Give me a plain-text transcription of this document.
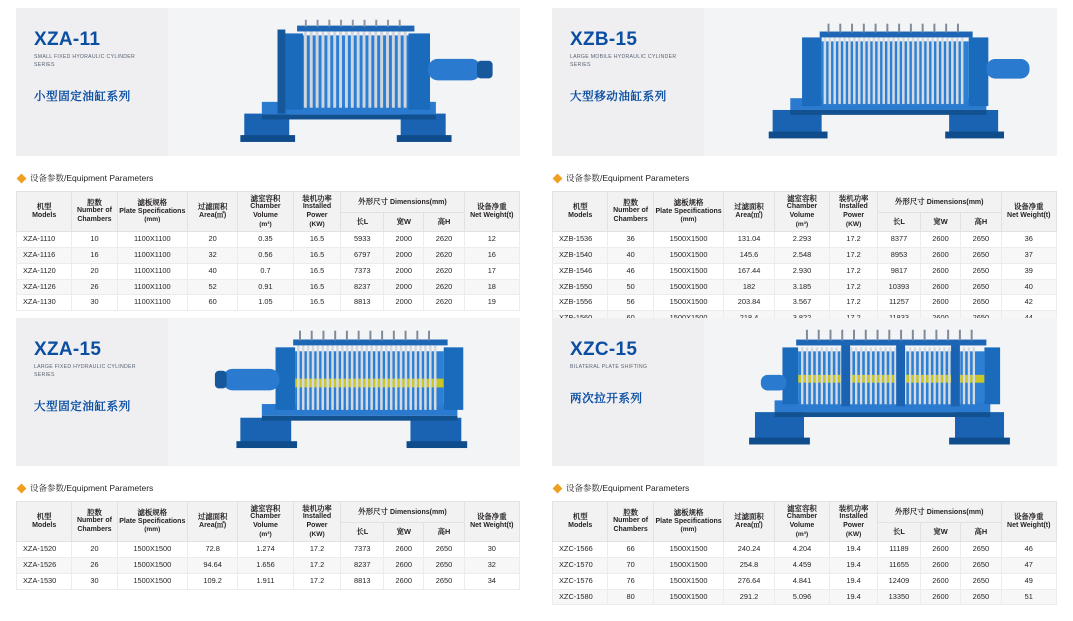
XZA-11
SMALL FIXED HYDRAULIC CYLINDER SERIES
小型固定油缸系列
设备参数/Equipment Parameters
机型
Models	腔数
Number of Chambers	滤板规格
Plate Specifications
(mm)	过滤面积
Area(㎡)	滤室容积
Chamber Volume
(m³)	装机功率
Installed Power
(KW)	外形尺寸 Dimensions(mm)			设备净重
Net Weight(t)

						长L	宽W	高H	
XZA-1110	10	1100X1100	20	0.35	16.5	5933	2000	2620	12
XZA-1116	16	1100X1100	32	0.56	16.5	6797	2000	2620	16
XZA-1120	20	1100X1100	40	0.7	16.5	7373	2000	2620	17
XZA-1126	26	1100X1100	52	0.91	16.5	8237	2000	2620	18
XZA-1130	30	1100X1100	60	1.05	16.5	8813	2000	2620	19
XZB-15
LARGE MOBILE HYDRAULIC CYLINDER SERIES
大型移动油缸系列
设备参数/Equipment Parameters
机型
Models	腔数
Number of Chambers	滤板规格
Plate Specifications
(mm)	过滤面积
Area(㎡)	滤室容积
Chamber Volume
(m³)	装机功率
Installed Power
(KW)	外形尺寸 Dimensions(mm)			设备净重
Net Weight(t)

						长L	宽W	高H	
XZB-1536	36	1500X1500	131.04	2.293	17.2	8377	2600	2650	36
XZB-1540	40	1500X1500	145.6	2.548	17.2	8953	2600	2650	37
XZB-1546	46	1500X1500	167.44	2.930	17.2	9817	2600	2650	39
XZB-1550	50	1500X1500	182	3.185	17.2	10393	2600	2650	40
XZB-1556	56	1500X1500	203.84	3.567	17.2	11257	2600	2650	42

XZA-15
LARGE FIXED HYDRAULIC CYLINDER SERIES
大型固定油缸系列
设备参数/Equipment Parameters
机型
Models	腔数
Number of Chambers	滤板规格
Plate Specifications
(mm)	过滤面积
Area(㎡)	滤室容积
Chamber Volume
(m³)	装机功率
Installed Power
(KW)	外形尺寸 Dimensions(mm)			设备净重
Net Weight(t)

						长L	宽W	高H	
XZA-1520	20	1500X1500	72.8	1.274	17.2	7373	2600	2650	30
XZA-1526	26	1500X1500	94.64	1.656	17.2	8237	2600	2650	32
XZA-1530	30	1500X1500	109.2	1.911	17.2	8813	2600	2650	34
XZC-15
BILATERAL PLATE SHIFTING
两次拉开系列
设备参数/Equipment Parameters
机型
Models	腔数
Number of Chambers	滤板规格
Plate Specifications
(mm)	过滤面积
Area(㎡)	滤室容积
Chamber Volume
(m³)	装机功率
Installed Power
(KW)	外形尺寸 Dimensions(mm)			设备净重
Net Weight(t)

						长L	宽W	高H	
XZC-1566	66	1500X1500	240.24	4.204	19.4	11189	2600	2650	46
XZC-1570	70	1500X1500	254.8	4.459	19.4	11655	2600	2650	47
XZC-1576	76	1500X1500	276.64	4.841	19.4	12409	2600	2650	49
XZC-1580	80	1500X1500	291.2	5.096	19.4	13350	2600	2650	51
